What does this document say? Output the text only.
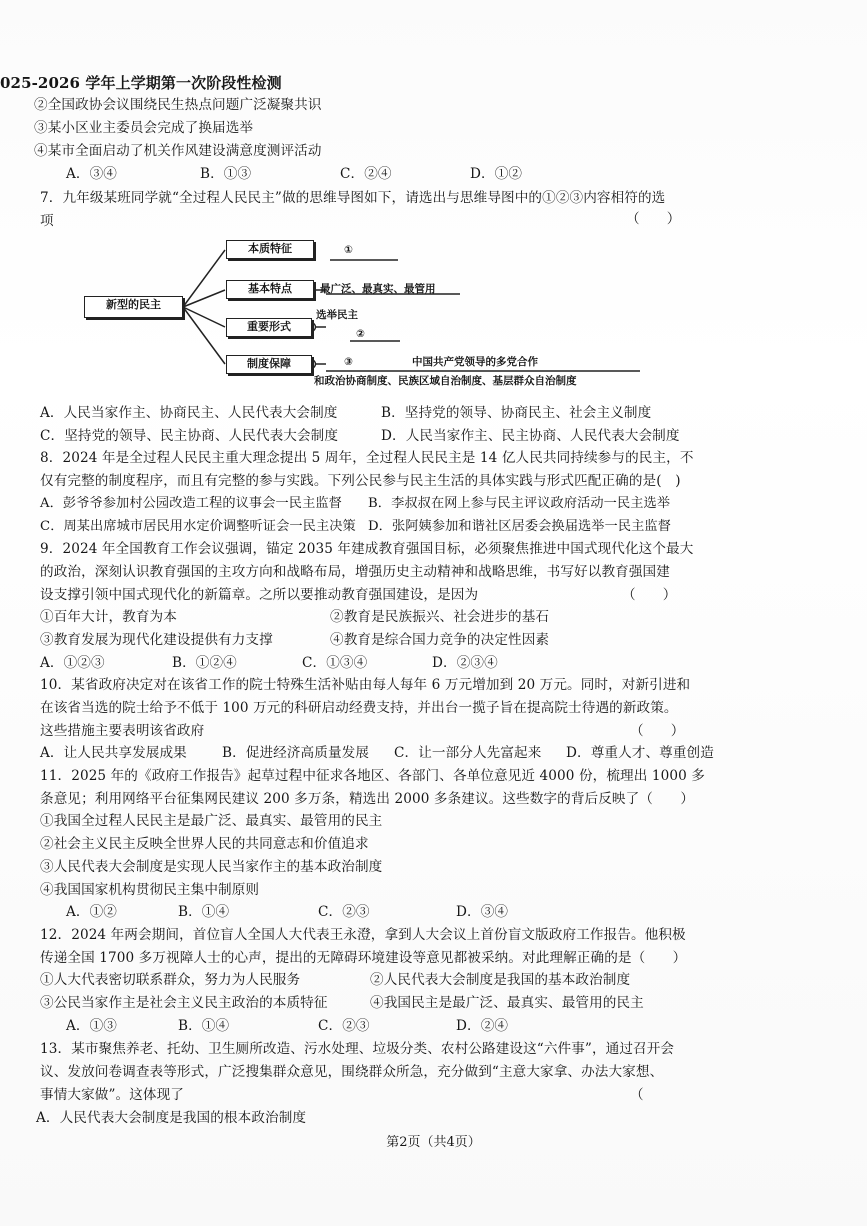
025-2026 学年上学期第一次阶段性检测
②全国政协会议围绕民生热点问题广泛凝聚共识
③某小区业主委员会完成了换届选举
④某市全面启动了机关作风建设满意度测评活动
A．③④	B．①③	C．②④	D．①②
7．九年级某班同学就“全过程人民民主”做的思维导图如下，请选出与思维导图中的①②③内容相符的选
项	（　　）
新型的民主
本质特征	①
基本特点	最广泛、最真实、最管用
重要形式
选举民主
②
制度保障	③	中国共产党领导的多党合作
和政治协商制度、民族区域自治制度、基层群众自治制度
A．人民当家作主、协商民主、人民代表大会制度	B．坚持党的领导、协商民主、社会主义制度
C．坚持党的领导、民主协商、人民代表大会制度	D．人民当家作主、民主协商、人民代表大会制度
8．2024 年是全过程人民民主重大理念提出 5 周年，全过程人民民主是 14 亿人民共同持续参与的民主，不
仅有完整的制度程序，而且有完整的参与实践。下列公民参与民主生活的具体实践与形式匹配正确的是(　)
A．彭爷爷参加村公园改造工程的议事会一民主监督 B．李叔叔在网上参与民主评议政府活动一民主选举
C．周某出席城市居民用水定价调整听证会一民主决策 D．张阿姨参加和谐社区居委会换届选举一民主监督
9．2024 年全国教育工作会议强调，锚定 2035 年建成教育强国目标，必须聚焦推进中国式现代化这个最大
的政治，深刻认识教育强国的主攻方向和战略布局，增强历史主动精神和战略思维，书写好以教育强国建
设支撑引领中国式现代化的新篇章。之所以要推动教育强国建设，是因为	（　　）
①百年大计，教育为本	②教育是民族振兴、社会进步的基石
③教育发展为现代化建设提供有力支撑	④教育是综合国力竞争的决定性因素
A．①②③	B．①②④	C．①③④	D．②③④
10．某省政府决定对在该省工作的院士特殊生活补贴由每人每年 6 万元增加到 20 万元。同时，对新引进和
在该省当选的院士给予不低于 100 万元的科研启动经费支持，并出台一揽子旨在提高院士待遇的新政策。
这些措施主要表明该省政府	（　　）
A．让人民共享发展成果	B．促进经济高质量发展 C．让一部分人先富起来 D．尊重人才、尊重创造
11．2025 年的《政府工作报告》起草过程中征求各地区、各部门、各单位意见近 4000 份，梳理出 1000 多
条意见；利用网络平台征集网民建议 200 多万条，精选出 2000 多条建议。这些数字的背后反映了（　　）
①我国全过程人民民主是最广泛、最真实、最管用的民主
②社会主义民主反映全世界人民的共同意志和价值追求
③人民代表大会制度是实现人民当家作主的基本政治制度
④我国国家机构贯彻民主集中制原则
A．①②	B．①④	C．②③	D．③④
12．2024 年两会期间，首位盲人全国人大代表王永澄，拿到人大会议上首份盲文版政府工作报告。他积极
传递全国 1700 多万视障人士的心声，提出的无障碍环境建设等意见都被采纳。对此理解正确的是（　　）
①人大代表密切联系群众，努力为人民服务	②人民代表大会制度是我国的基本政治制度
③公民当家作主是社会主义民主政治的本质特征	④我国民主是最广泛、最真实、最管用的民主
A．①③	B．①④	C．②③	D．②④
13．某市聚焦养老、托幼、卫生厕所改造、污水处理、垃圾分类、农村公路建设这“六件事”，通过召开会
议、发放问卷调查表等形式，广泛搜集群众意见，围绕群众所急，充分做到“主意大家拿、办法大家想、
事情大家做”。这体现了	（
A．人民代表大会制度是我国的根本政治制度
第2页（共4页）
